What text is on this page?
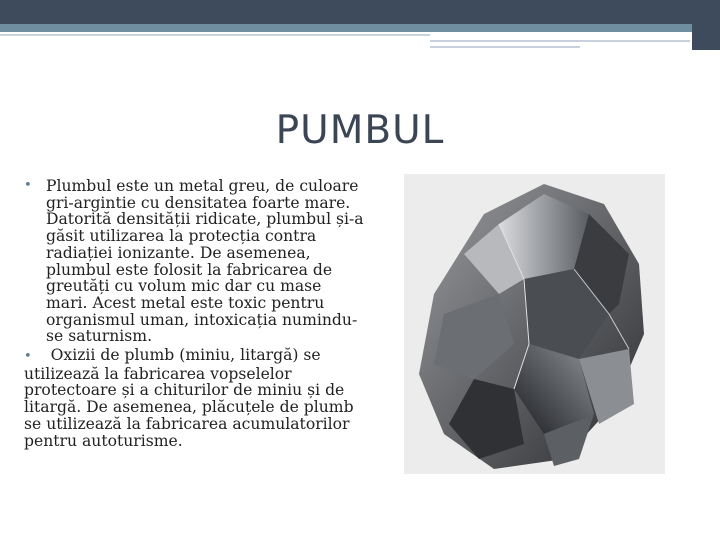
PUMBUL

• Plumbul este un metal greu, de culoare gri-argintie cu densitatea foarte mare. Datorită densității ridicate, plumbul și-a găsit utilizarea la protecția contra radiației ionizante. De asemenea, plumbul este folosit la fabricarea de greutăți cu volum mic dar cu mase mari. Acest metal este toxic pentru organismul uman, intoxicația numindu-se saturnism.

• Oxizii de plumb (miniu, litargă) se utilizează la fabricarea vopselelor protectoare și a chiturilor de miniu și de litargă. De asemenea, plăcuțele de plumb se utilizează la fabricarea acumulatorilor pentru autoturisme.
